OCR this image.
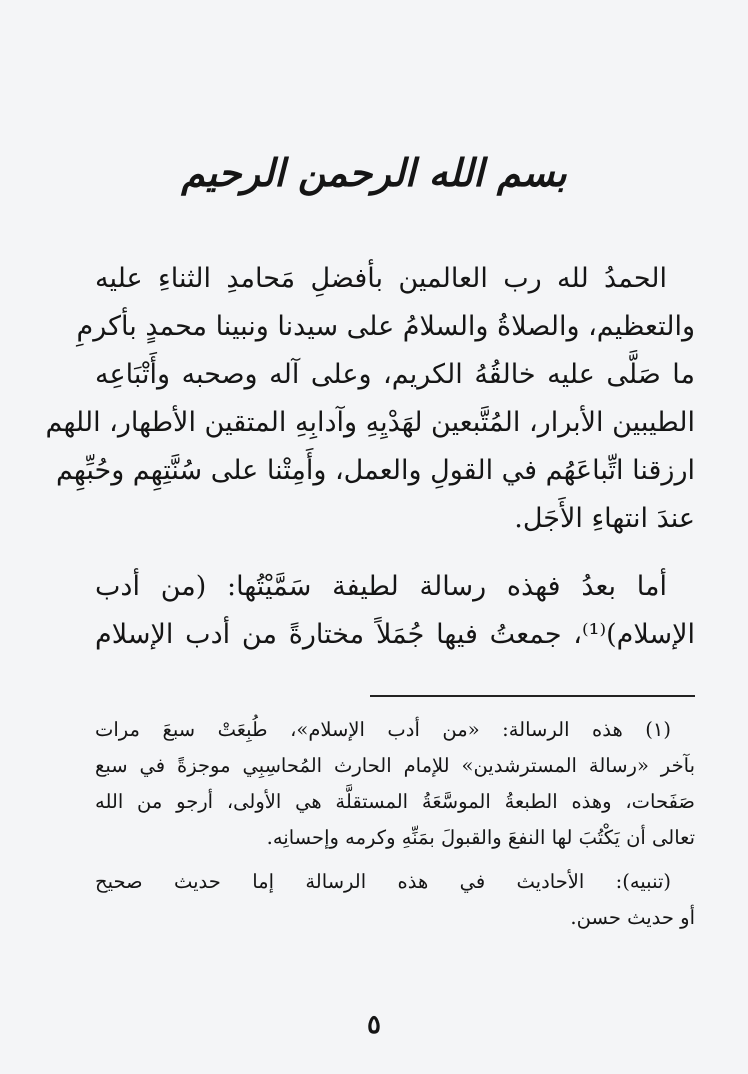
بسم الله الرحمن الرحيم
الحمدُ لله رب العالمين بأفضلِ مَحامدِ الثناءِ عليه
والتعظيم، والصلاةُ والسلامُ على سيدنا ونبينا محمدٍ بأكرمِ
ما صَلَّى عليه خالقُهُ الكريم، وعلى آله وصحبه وأَتْبَاعِه
الطيبين الأبرار، المُتَّبعين لهَدْيِهِ وآدابِهِ المتقين الأطهار، اللهم
ارزقنا اتِّباعَهُم في القولِ والعمل، وأَمِتْنا على سُنَّتِهِم وحُبِّهِم
عندَ انتهاءِ الأَجَل.
أما بعدُ فهذه رسالة لطيفة سَمَّيْتُها: (من أدب
الإسلام)⁽¹⁾، جمعتُ فيها جُمَلاً مختارةً من أدب الإسلام
(١) هذه الرسالة: «من أدب الإسلام»، طُبِعَتْ سبعَ مرات
بآخر «رسالة المسترشدين» للإمام الحارث المُحاسِبِي موجزةً في سبع
صَفَحات، وهذه الطبعةُ الموسَّعَةُ المستقلَّة هي الأولى، أرجو من الله
تعالى أن يَكْتُبَ لها النفعَ والقبولَ بمَنِّهِ وكرمه وإحسانِه.
(تنبيه): الأحاديث في هذه الرسالة إما حديث صحيح
أو حديث حسن.
٥
